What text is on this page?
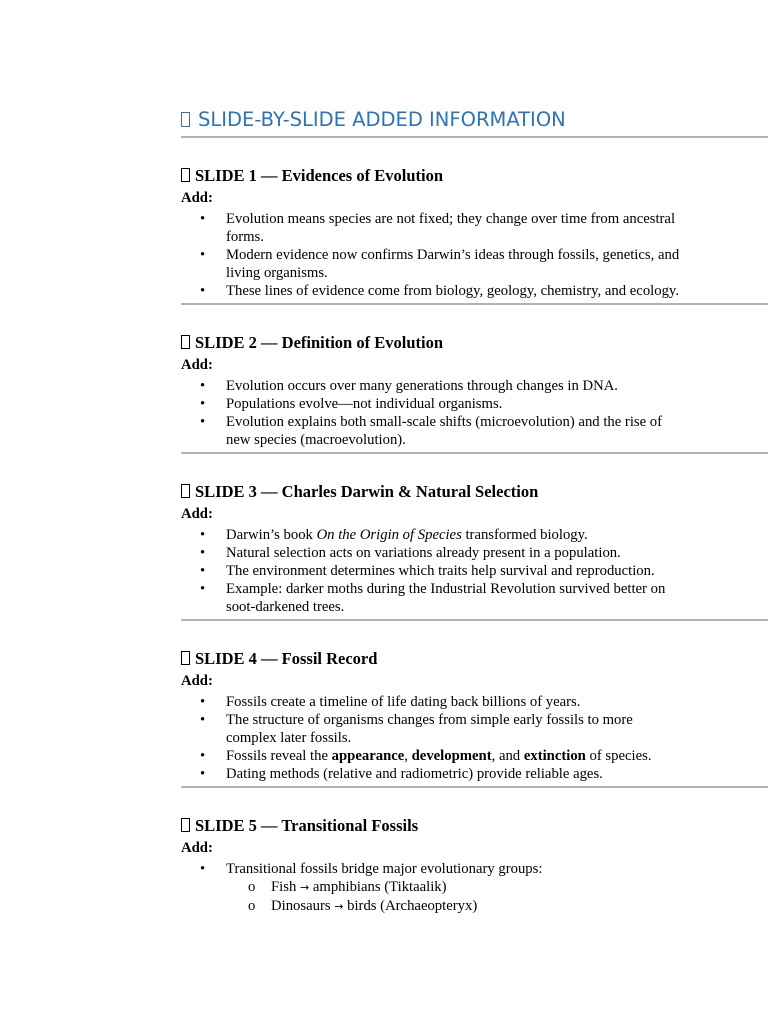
SLIDE-BY-SLIDE ADDED INFORMATION
SLIDE 1 — Evidences of Evolution
Add:
• Evolution means species are not fixed; they change over time from ancestral forms.
• Modern evidence now confirms Darwin’s ideas through fossils, genetics, and living organisms.
• These lines of evidence come from biology, geology, chemistry, and ecology.
SLIDE 2 — Definition of Evolution
Add:
• Evolution occurs over many generations through changes in DNA.
• Populations evolve—not individual organisms.
• Evolution explains both small-scale shifts (microevolution) and the rise of new species (macroevolution).
SLIDE 3 — Charles Darwin & Natural Selection
Add:
• Darwin’s book On the Origin of Species transformed biology.
• Natural selection acts on variations already present in a population.
• The environment determines which traits help survival and reproduction.
• Example: darker moths during the Industrial Revolution survived better on soot-darkened trees.
SLIDE 4 — Fossil Record
Add:
• Fossils create a timeline of life dating back billions of years.
• The structure of organisms changes from simple early fossils to more complex later fossils.
• Fossils reveal the appearance, development, and extinction of species.
• Dating methods (relative and radiometric) provide reliable ages.
SLIDE 5 — Transitional Fossils
Add:
• Transitional fossils bridge major evolutionary groups:
o Fish → amphibians (Tiktaalik)
o Dinosaurs → birds (Archaeopteryx)
